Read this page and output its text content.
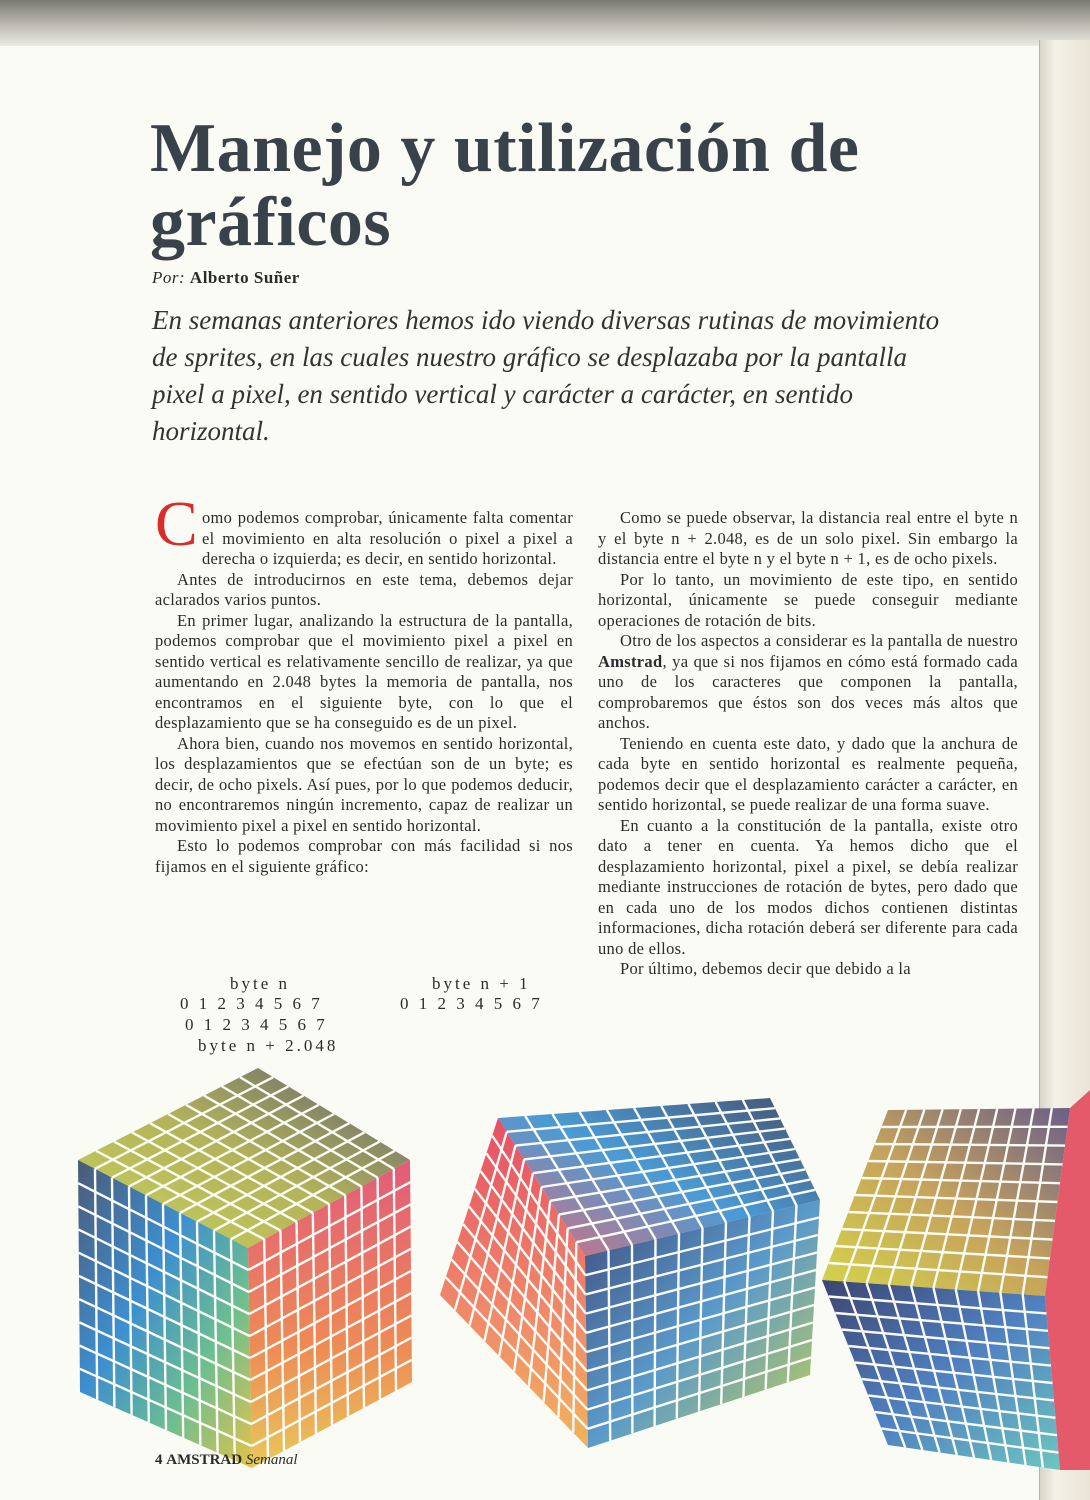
Manejo y utilización de gráficos
Por: Alberto Suñer

En semanas anteriores hemos ido viendo diversas rutinas de movimiento de sprites, en las cuales nuestro gráfico se desplazaba por la pantalla pixel a pixel, en sentido vertical y carácter a carácter, en sentido horizontal.

Como podemos comprobar, únicamente falta comentar el movimiento en alta resolución o pixel a pixel a derecha o izquierda; es decir, en sentido horizontal.

Antes de introducirnos en este tema, debemos dejar aclarados varios puntos.

En primer lugar, analizando la estructura de la pantalla, podemos comprobar que el movimiento pixel a pixel en sentido vertical es relativamente sencillo de realizar, ya que aumentando en 2.048 bytes la memoria de pantalla, nos encontramos en el siguiente byte, con lo que el desplazamiento que se ha conseguido es de un pixel.

Ahora bien, cuando nos movemos en sentido horizontal, los desplazamientos que se efectúan son de un byte; es decir, de ocho pixels. Así pues, por lo que podemos deducir, no encontraremos ningún incremento, capaz de realizar un movimiento pixel a pixel en sentido horizontal.

Esto lo podemos comprobar con más facilidad si nos fijamos en el siguiente gráfico:

byte n	byte n + 1
0 1 2 3 4 5 6 7	0 1 2 3 4 5 6 7
0 1 2 3 4 5 6 7
byte n + 2.048

Como se puede observar, la distancia real entre el byte n y el byte n + 2.048, es de un solo pixel. Sin embargo la distancia entre el byte n y el byte n + 1, es de ocho pixels.

Por lo tanto, un movimiento de este tipo, en sentido horizontal, únicamente se puede conseguir mediante operaciones de rotación de bits.

Otro de los aspectos a considerar es la pantalla de nuestro Amstrad, ya que si nos fijamos en cómo está formado cada uno de los caracteres que componen la pantalla, comprobaremos que éstos son dos veces más altos que anchos.

Teniendo en cuenta este dato, y dado que la anchura de cada byte en sentido horizontal es realmente pequeña, podemos decir que el desplazamiento carácter a carácter, en sentido horizontal, se puede realizar de una forma suave.

En cuanto a la constitución de la pantalla, existe otro dato a tener en cuenta. Ya hemos dicho que el desplazamiento horizontal, pixel a pixel, se debía realizar mediante instrucciones de rotación de bytes, pero dado que en cada uno de los modos dichos contienen distintas informaciones, dicha rotación deberá ser diferente para cada uno de ellos.

Por último, debemos decir que debido a la

4 AMSTRAD Semanal
